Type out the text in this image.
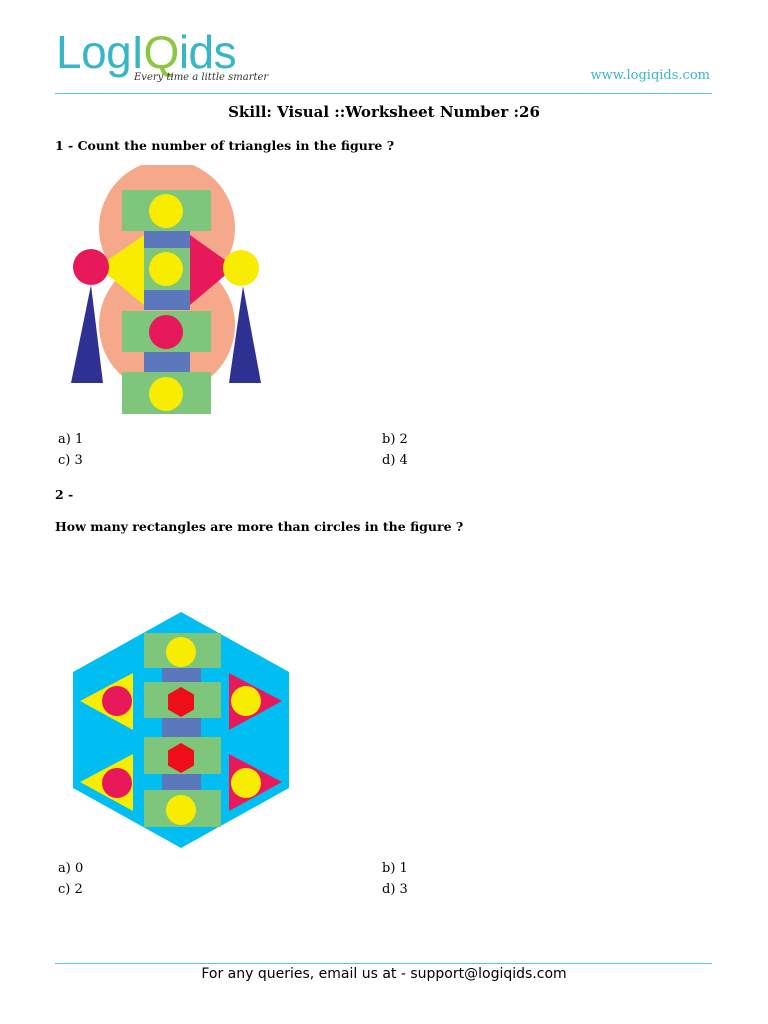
LogIQids
Every time a little smarter	www.logiqids.com
Skill: Visual ::Worksheet Number :26
1 - Count the number of triangles in the figure ?
a) 1	b) 2
c) 3	d) 4
2 -
How many rectangles are more than circles in the figure ?
a) 0	b) 1
c) 2	d) 3
For any queries, email us at - support@logiqids.com
